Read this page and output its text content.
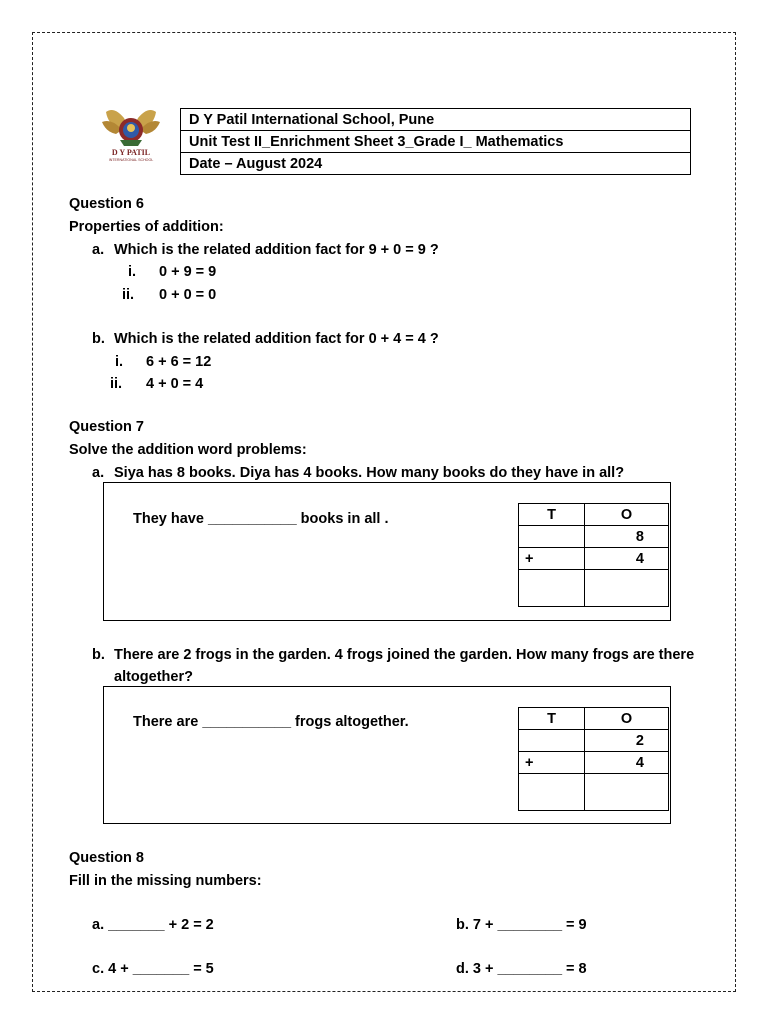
D Y PATIL
INTERNATIONAL SCHOOL
D Y Patil International School, Pune
Unit Test II_Enrichment Sheet 3_Grade I_ Mathematics
Date – August 2024
Question 6
Properties of addition:
a. Which is the related addition fact for 9 + 0 = 9 ?
i. 0 + 9 = 9
ii. 0 + 0 = 0
b. Which is the related addition fact for 0 + 4 = 4 ?
i. 6 + 6 = 12
ii. 4 + 0 = 4
Question 7
Solve the addition word problems:
a. Siya has 8 books. Diya has 4 books. How many books do they have in all?
They have ___________ books in all .	T	O
	8
+	4

b. There are 2 frogs in the garden. 4 frogs joined the garden. How many frogs are there
altogether?
There are ___________ frogs altogether.	T	O
	2
+	4

Question 8
Fill in the missing numbers:
a. _______ + 2 = 2	b. 7 + ________ = 9
c. 4 + _______ = 5	d. 3 + ________ = 8
